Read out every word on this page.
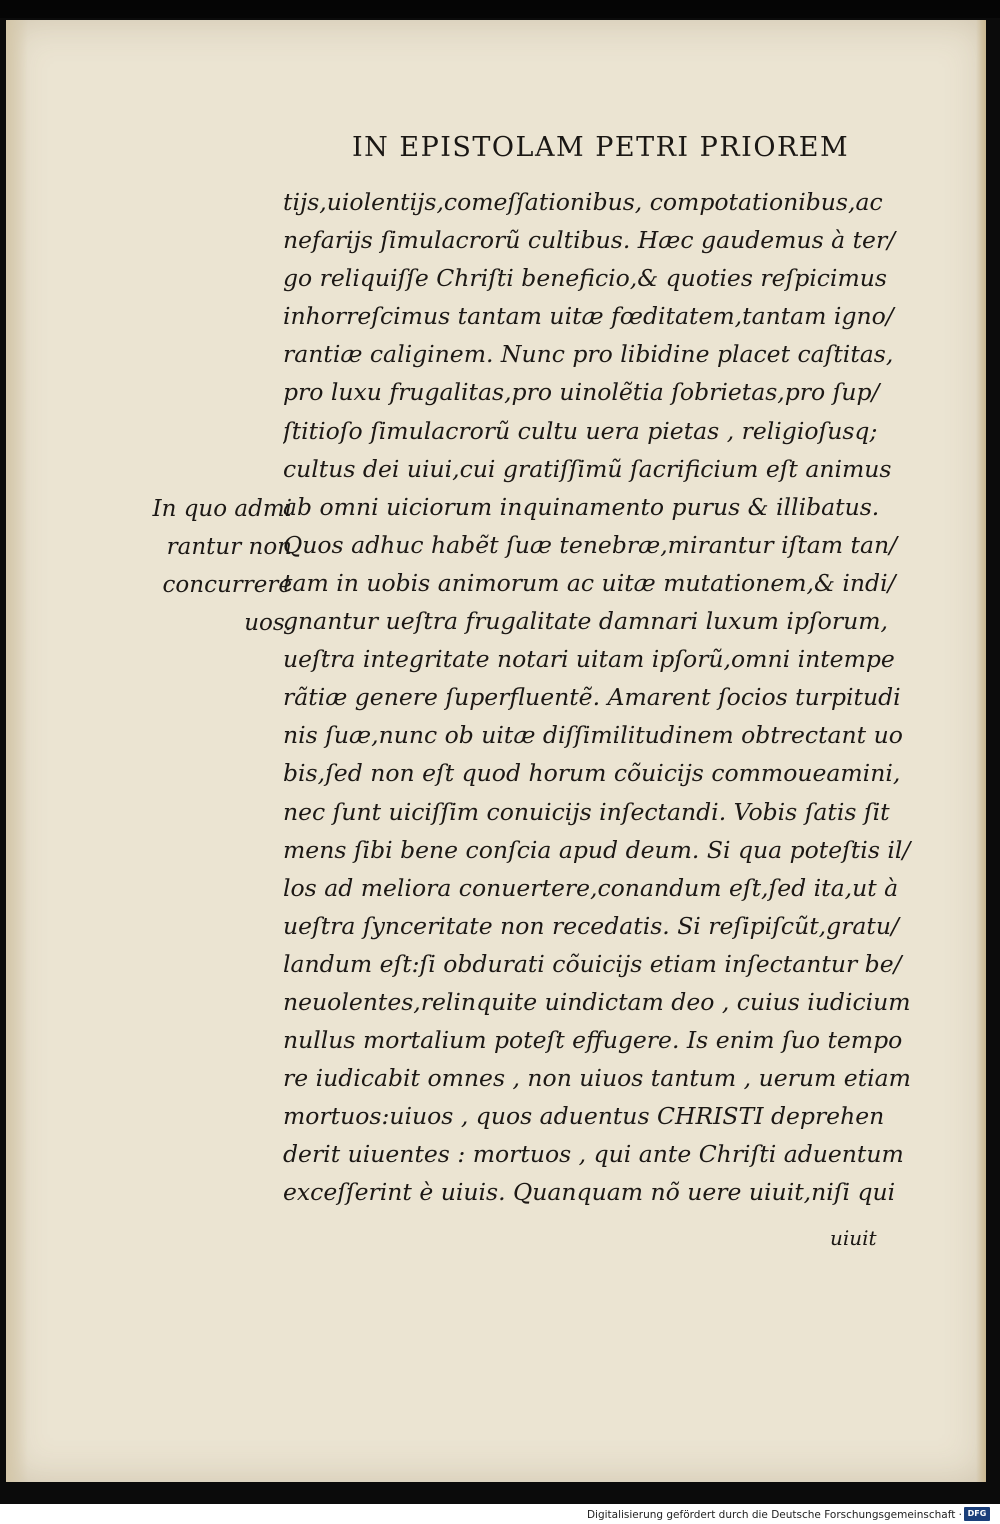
IN EPISTOLAM PETRI PRIOREM
In quo admi
rantur non
concurrere
uos.
tijs,uiolentijs,comeſſationibus, compotationibus,ac
nefarijs ſimulacrorũ cultibus. Hæc gaudemus à ter/
go reliquiſſe Chriſti beneficio,& quoties reſpicimus
inhorreſcimus tantam uitæ fœditatem,tantam igno/
rantiæ caliginem. Nunc pro libidine placet caſtitas,
pro luxu frugalitas,pro uinolẽtia ſobrietas,pro ſup/
ſtitioſo ſimulacrorũ cultu uera pietas , religioſusq;
cultus dei uiui,cui gratiſſimũ ſacrificium eſt animus
ab omni uiciorum inquinamento purus & illibatus.
Quos adhuc habẽt ſuæ tenebræ,mirantur iſtam tan/
tam in uobis animorum ac uitæ mutationem,& indi/
gnantur ueſtra frugalitate damnari luxum ipſorum,
ueſtra integritate notari uitam ipſorũ,omni intempe
rãtiæ genere ſuperfluentẽ. Amarent ſocios turpitudi
nis ſuæ,nunc ob uitæ diſſimilitudinem obtrectant uo
bis,ſed non eſt quod horum cõuicijs commoueamini,
nec ſunt uiciſſim conuicijs inſectandi. Vobis ſatis ſit
mens ſibi bene conſcia apud deum. Si qua poteſtis il/
los ad meliora conuertere,conandum eſt,ſed ita,ut à
ueſtra ſynceritate non recedatis. Si reſipiſcũt,gratu/
landum eſt:ſi obdurati cõuicijs etiam inſectantur be/
neuolentes,relinquite uindictam deo , cuius iudicium
nullus mortalium poteſt effugere. Is enim ſuo tempo
re iudicabit omnes , non uiuos tantum , uerum etiam
mortuos:uiuos , quos aduentus CHRISTI deprehen
derit uiuentes : mortuos , qui ante Chriſti aduentum
exceſſerint è uiuis. Quanquam nõ uere uiuit,niſi qui
uiuit
Digitalisierung gefördert durch die Deutsche Forschungsgemeinschaft · DFG
